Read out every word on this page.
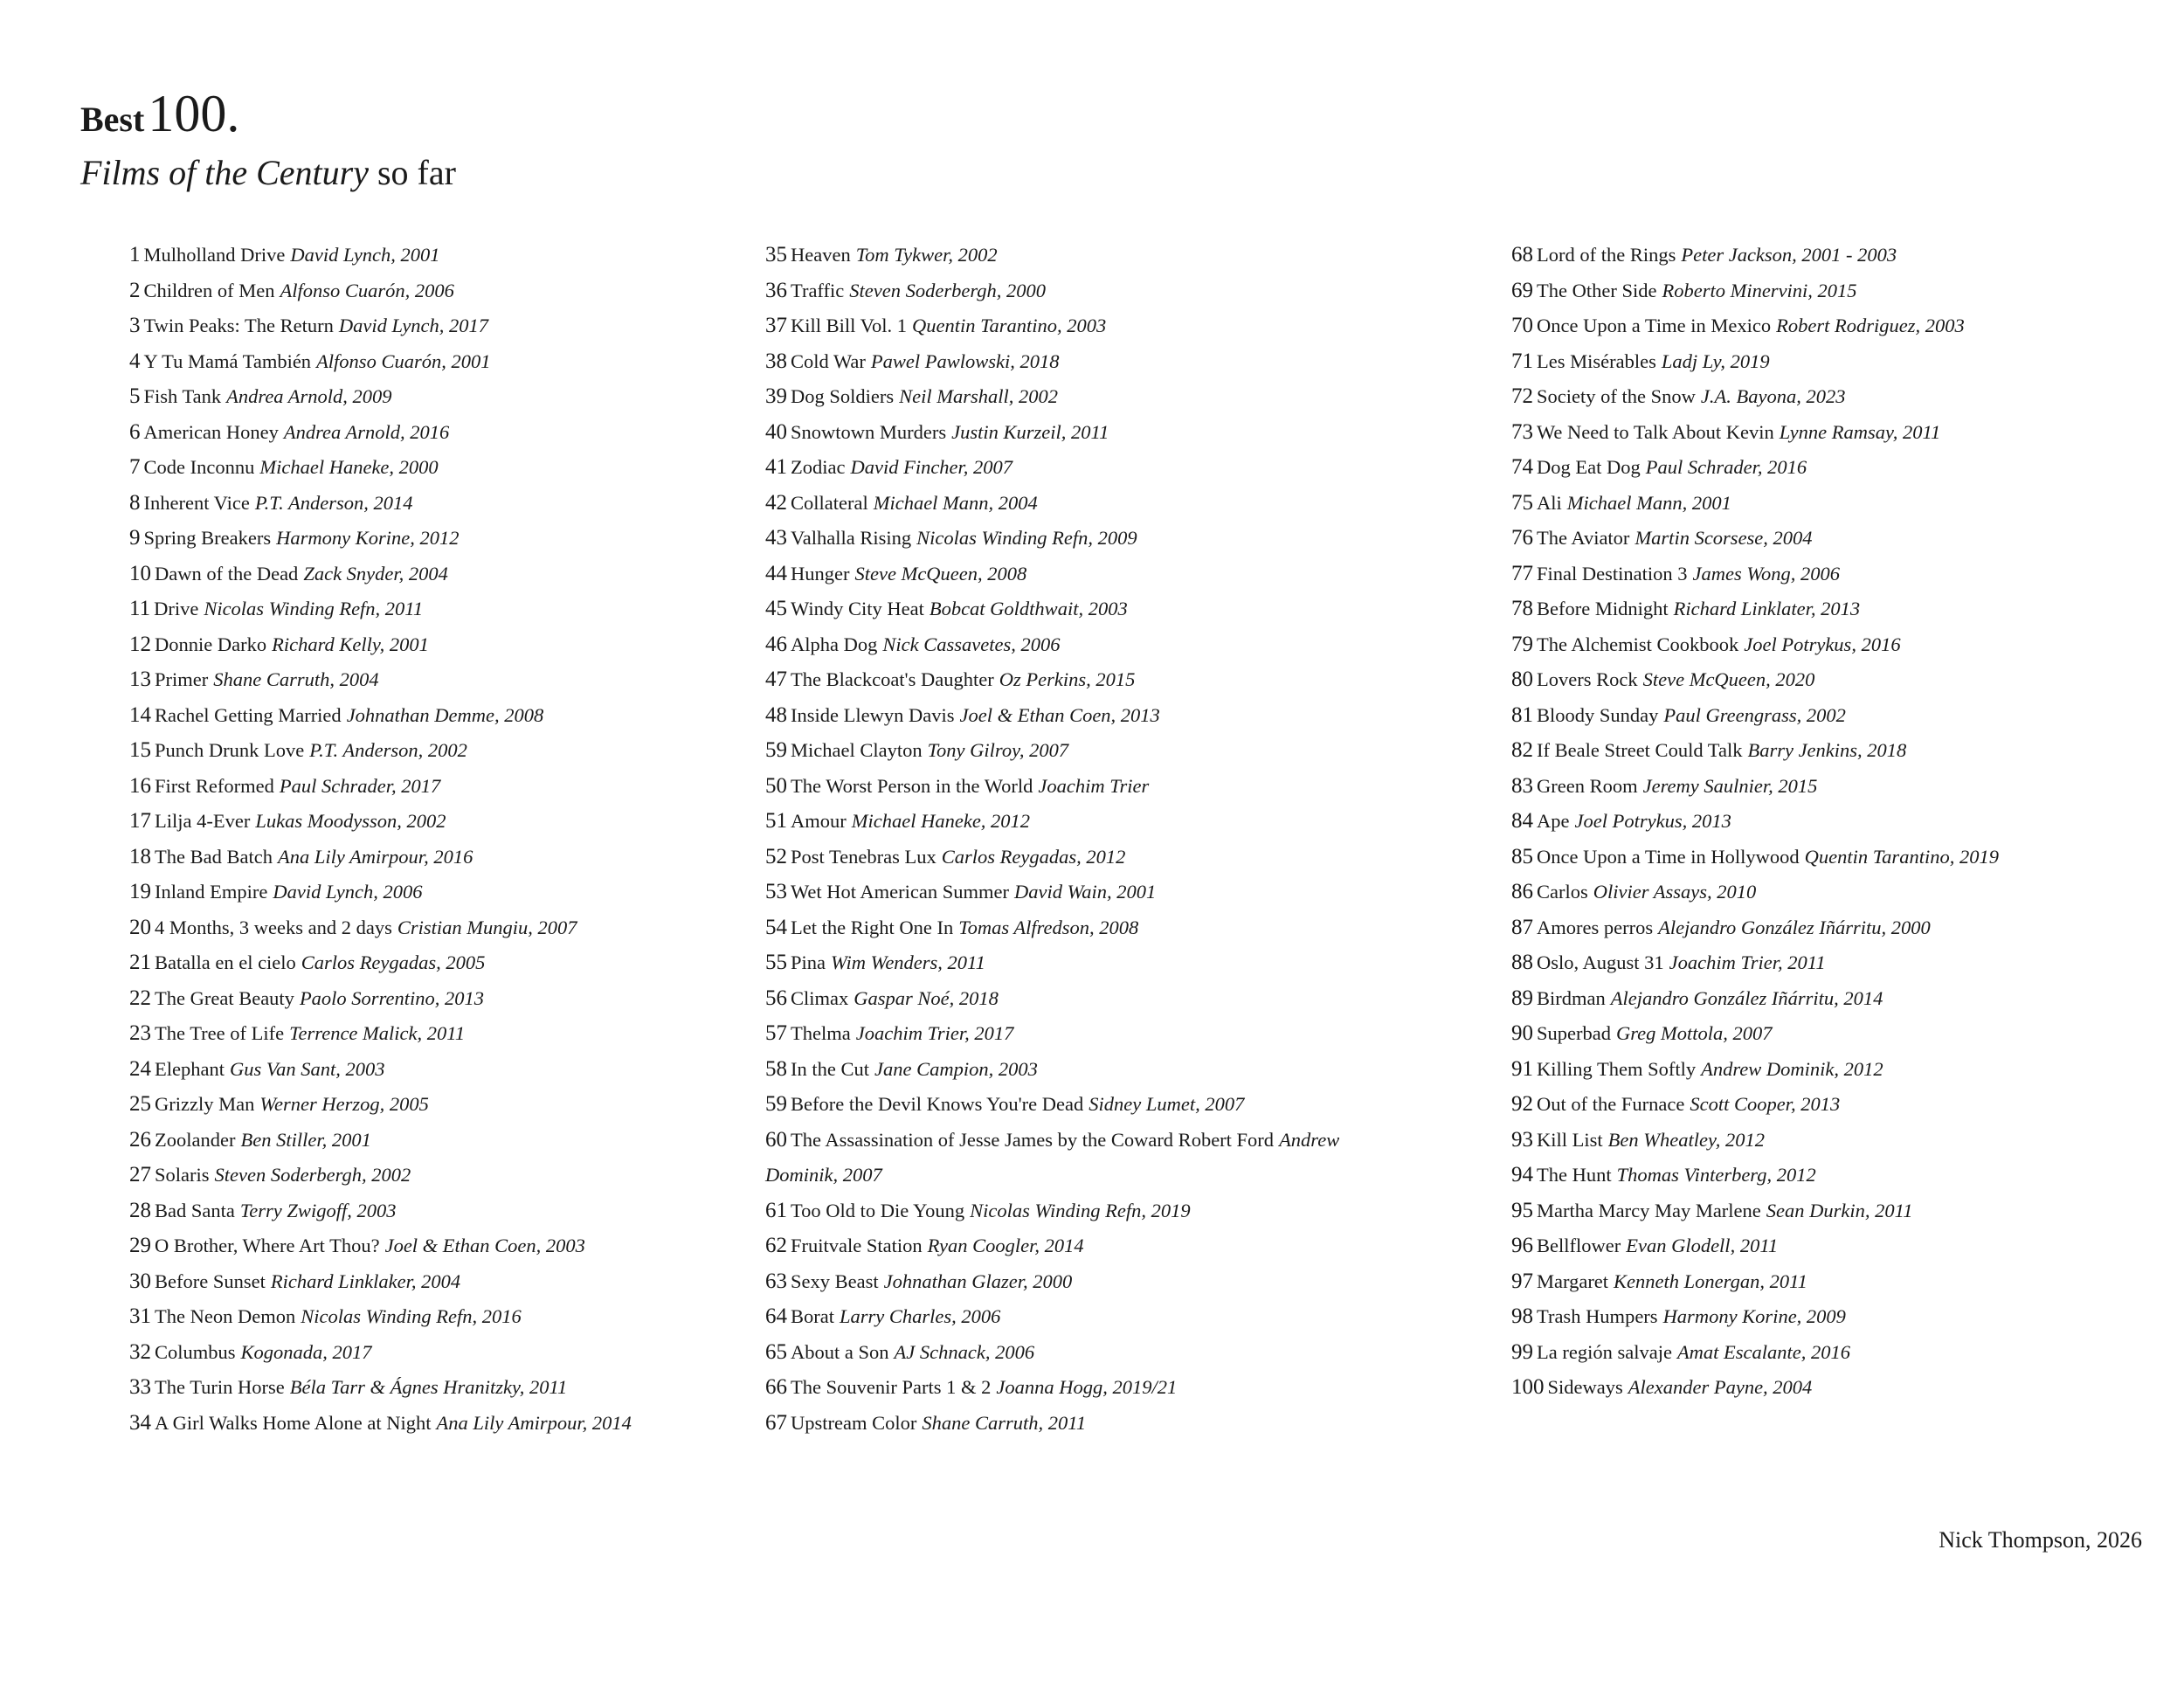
Best 100.
Films of the Century so far
1 Mulholland Drive David Lynch, 2001
2 Children of Men Alfonso Cuarón, 2006
3 Twin Peaks: The Return David Lynch, 2017
4 Y Tu Mamá También Alfonso Cuarón, 2001
5 Fish Tank Andrea Arnold, 2009
6 American Honey Andrea Arnold, 2016
7 Code Inconnu Michael Haneke, 2000
8 Inherent Vice P.T. Anderson, 2014
9 Spring Breakers Harmony Korine, 2012
10 Dawn of the Dead Zack Snyder, 2004
11 Drive Nicolas Winding Refn, 2011
12 Donnie Darko Richard Kelly, 2001
13 Primer Shane Carruth, 2004
14 Rachel Getting Married Johnathan Demme, 2008
15 Punch Drunk Love P.T. Anderson, 2002
16 First Reformed Paul Schrader, 2017
17 Lilja 4-Ever Lukas Moodysson, 2002
18 The Bad Batch Ana Lily Amirpour, 2016
19 Inland Empire David Lynch, 2006
20 4 Months, 3 weeks and 2 days Cristian Mungiu, 2007
21 Batalla en el cielo Carlos Reygadas, 2005
22 The Great Beauty Paolo Sorrentino, 2013
23 The Tree of Life Terrence Malick, 2011
24 Elephant Gus Van Sant, 2003
25 Grizzly Man Werner Herzog, 2005
26 Zoolander Ben Stiller, 2001
27 Solaris Steven Soderbergh, 2002
28 Bad Santa Terry Zwigoff, 2003
29 O Brother, Where Art Thou? Joel & Ethan Coen, 2003
30 Before Sunset Richard Linklaker, 2004
31 The Neon Demon Nicolas Winding Refn, 2016
32 Columbus Kogonada, 2017
33 The Turin Horse Béla Tarr & Ágnes Hranitzky, 2011
34 A Girl Walks Home Alone at Night Ana Lily Amirpour, 2014
35 Heaven Tom Tykwer, 2002
36 Traffic Steven Soderbergh, 2000
37 Kill Bill Vol. 1 Quentin Tarantino, 2003
38 Cold War Pawel Pawlowski, 2018
39 Dog Soldiers Neil Marshall, 2002
40 Snowtown Murders Justin Kurzeil, 2011
41 Zodiac David Fincher, 2007
42 Collateral Michael Mann, 2004
43 Valhalla Rising Nicolas Winding Refn, 2009
44 Hunger Steve McQueen, 2008
45 Windy City Heat Bobcat Goldthwait, 2003
46 Alpha Dog Nick Cassavetes, 2006
47 The Blackcoat's Daughter Oz Perkins, 2015
48 Inside Llewyn Davis Joel & Ethan Coen, 2013
59 Michael Clayton Tony Gilroy, 2007
50 The Worst Person in the World Joachim Trier
51 Amour Michael Haneke, 2012
52 Post Tenebras Lux Carlos Reygadas, 2012
53 Wet Hot American Summer David Wain, 2001
54 Let the Right One In Tomas Alfredson, 2008
55 Pina Wim Wenders, 2011
56 Climax Gaspar Noé, 2018
57 Thelma Joachim Trier, 2017
58 In the Cut Jane Campion, 2003
59 Before the Devil Knows You're Dead Sidney Lumet, 2007
60 The Assassination of Jesse James by the Coward Robert Ford Andrew Dominik, 2007
61 Too Old to Die Young Nicolas Winding Refn, 2019
62 Fruitvale Station Ryan Coogler, 2014
63 Sexy Beast Johnathan Glazer, 2000
64 Borat Larry Charles, 2006
65 About a Son AJ Schnack, 2006
66 The Souvenir Parts 1 & 2 Joanna Hogg, 2019/21
67 Upstream Color Shane Carruth, 2011
68 Lord of the Rings Peter Jackson, 2001 - 2003
69 The Other Side Roberto Minervini, 2015
70 Once Upon a Time in Mexico Robert Rodriguez, 2003
71 Les Misérables Ladj Ly, 2019
72 Society of the Snow J.A. Bayona, 2023
73 We Need to Talk About Kevin Lynne Ramsay, 2011
74 Dog Eat Dog Paul Schrader, 2016
75 Ali Michael Mann, 2001
76 The Aviator Martin Scorsese, 2004
77 Final Destination 3 James Wong, 2006
78 Before Midnight Richard Linklater, 2013
79 The Alchemist Cookbook Joel Potrykus, 2016
80 Lovers Rock Steve McQueen, 2020
81 Bloody Sunday Paul Greengrass, 2002
82 If Beale Street Could Talk Barry Jenkins, 2018
83 Green Room Jeremy Saulnier, 2015
84 Ape Joel Potrykus, 2013
85 Once Upon a Time in Hollywood Quentin Tarantino, 2019
86 Carlos Olivier Assays, 2010
87 Amores perros Alejandro González Iñárritu, 2000
88 Oslo, August 31 Joachim Trier, 2011
89 Birdman Alejandro González Iñárritu, 2014
90 Superbad Greg Mottola, 2007
91 Killing Them Softly Andrew Dominik, 2012
92 Out of the Furnace Scott Cooper, 2013
93 Kill List Ben Wheatley, 2012
94 The Hunt Thomas Vinterberg, 2012
95 Martha Marcy May Marlene Sean Durkin, 2011
96 Bellflower Evan Glodell, 2011
97 Margaret Kenneth Lonergan, 2011
98 Trash Humpers Harmony Korine, 2009
99 La región salvaje Amat Escalante, 2016
100 Sideways Alexander Payne, 2004
Nick Thompson, 2026
